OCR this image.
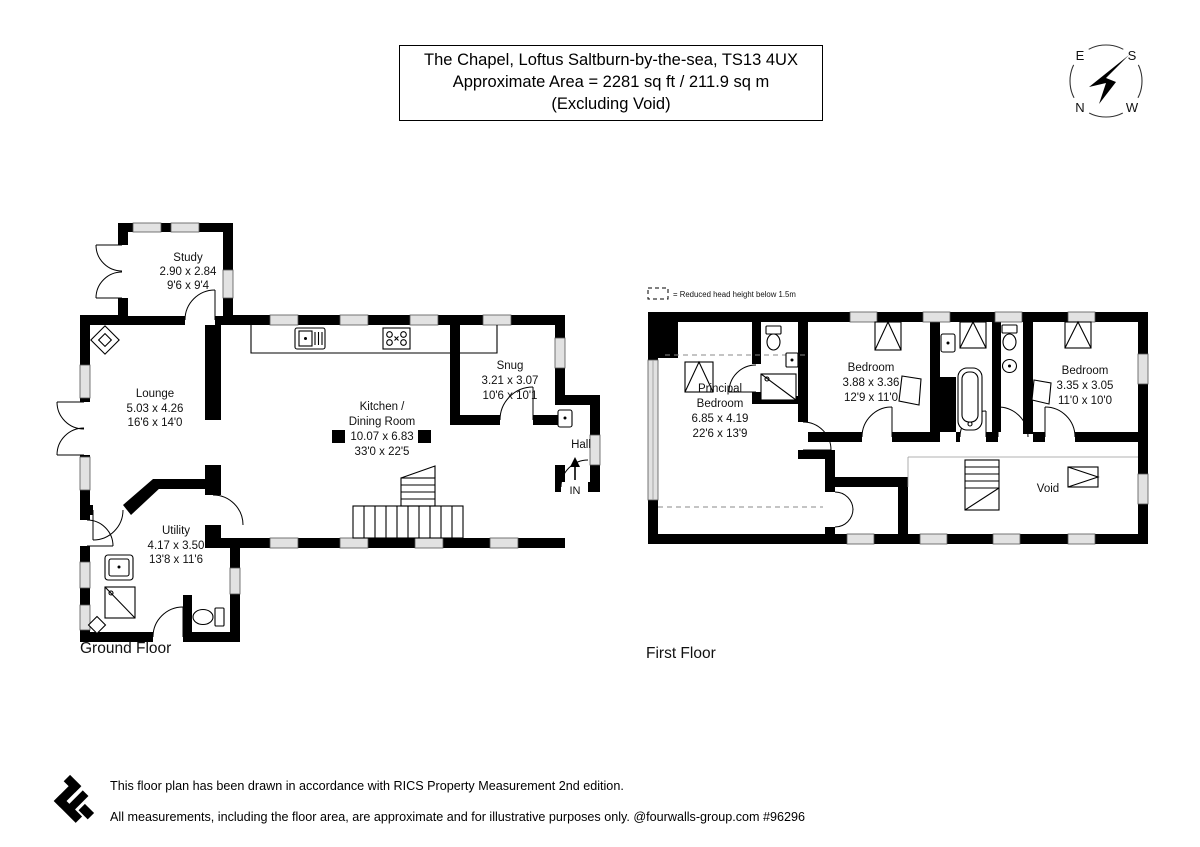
The Chapel, Loftus Saltburn-by-the-sea, TS13 4UX
Approximate Area = 2281 sq ft / 211.9 sq m
(Excluding Void)
E	S
N	W
IN
Study
2.90 x 2.84
9'6 x 9'4
Lounge
5.03 x 4.26
16'6 x 14'0
Kitchen /
Dining Room
10.07 x 6.83
33'0 x 22'5
Snug
3.21 x 3.07
10'6 x 10'1
Hall
Utility
4.17 x 3.50
13'8 x 11'6
= Reduced head height below 1.5m
Principal
Bedroom
6.85 x 4.19
22'6 x 13'9
Bedroom
3.88 x 3.36
12'9 x 11'0
Bedroom
3.35 x 3.05
11'0 x 10'0
Void
Ground Floor	First Floor
This floor plan has been drawn in accordance with RICS Property Measurement 2nd edition.
All measurements, including the floor area, are approximate and for illustrative purposes only. @fourwalls-group.com #96296
